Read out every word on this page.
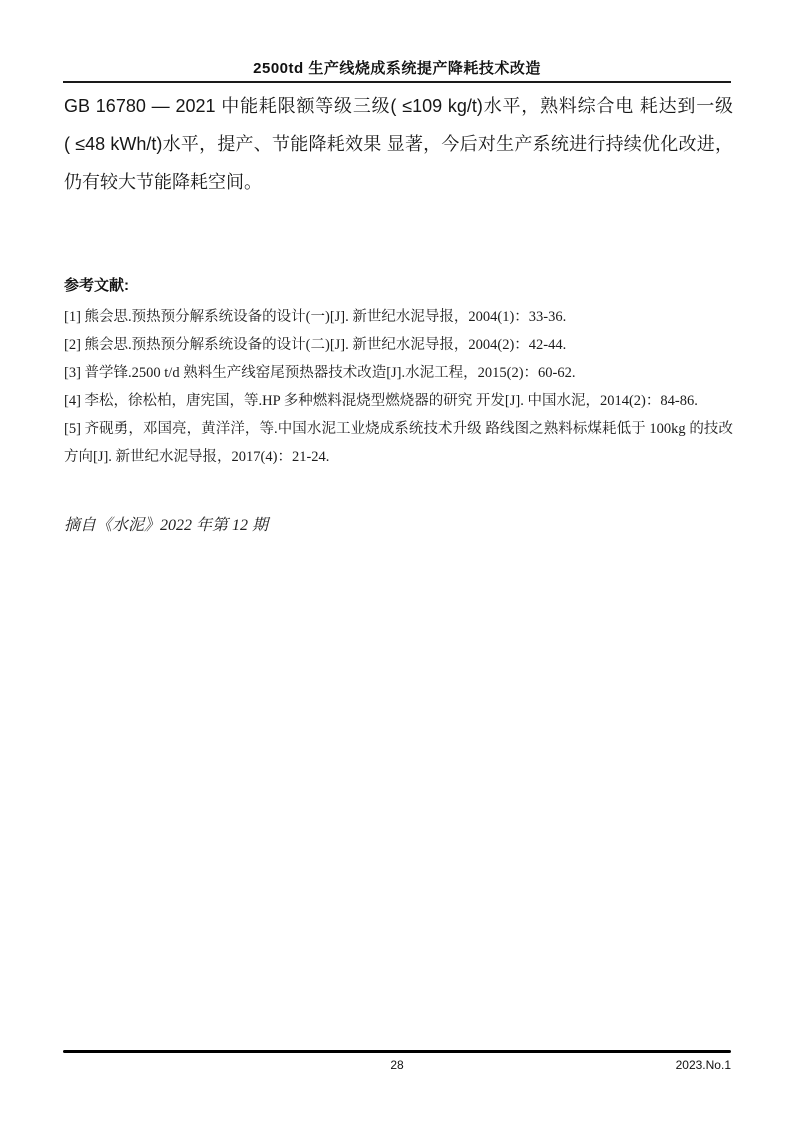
2500td 生产线烧成系统提产降耗技术改造
GB 16780 — 2021 中能耗限额等级三级( ≤109 kg/t)水平，熟料综合电 耗达到一级
( ≤48 kWh/t)水平，提产、节能降耗效果 显著，今后对生产系统进行持续优化改进，
仍有较大节能降耗空间。
参考文献:
[1] 熊会思.预热预分解系统设备的设计(一)[J]. 新世纪水泥导报，2004(1)：33-36.
[2] 熊会思.预热预分解系统设备的设计(二)[J]. 新世纪水泥导报，2004(2)：42-44.
[3] 普学锋.2500 t/d 熟料生产线窑尾预热器技术改造[J].水泥工程，2015(2)：60-62.
[4] 李松，徐松柏，唐宪国，等.HP 多种燃料混烧型燃烧器的研究 开发[J]. 中国水泥，2014(2)：84-86.
[5] 齐砚勇，邓国亮，黄洋洋，等.中国水泥工业烧成系统技术升级 路线图之熟料标煤耗低于 100kg 的技改方向[J]. 新世纪水泥导报，2017(4)：21-24.
摘自《水泥》2022 年第 12 期
28	2023.No.1
